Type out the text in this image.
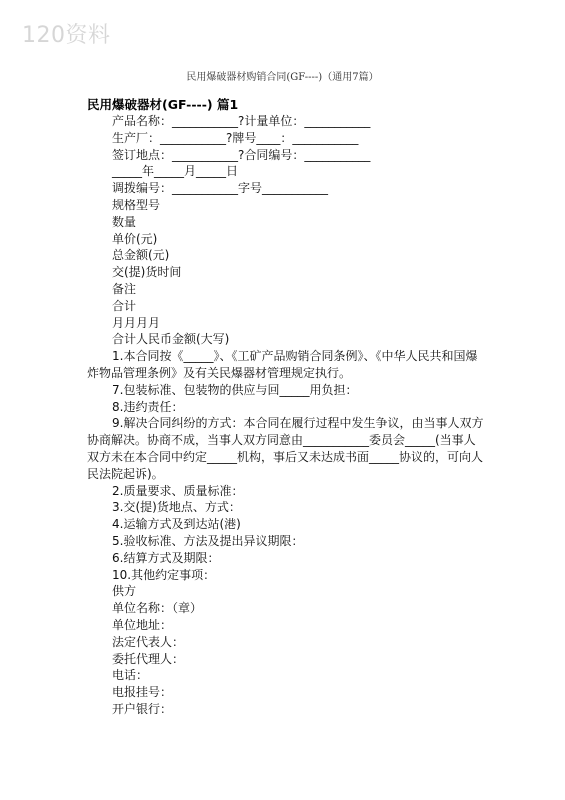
120资料
民用爆破器材购销合同(GF----)（通用7篇）
民用爆破器材(GF----) 篇1
产品名称：___________?计量单位：___________
生产厂：___________?牌号____：___________
签订地点：___________?合同编号：___________
_____年_____月_____日
调拨编号：___________字号___________
规格型号
数量
单价(元)
总金额(元)
交(提)货时间
备注
合计
月月月月
合计人民币金额(大写)
1.本合同按《_____》、《工矿产品购销合同条例》、《中华人民共和国爆炸物品管理条例》及有关民爆器材管理规定执行。
7.包装标准、包装物的供应与回_____用负担：
8.违约责任：
9.解决合同纠纷的方式：本合同在履行过程中发生争议，由当事人双方协商解决。协商不成，当事人双方同意由___________委员会_____(当事人双方未在本合同中约定_____机构，事后又未达成书面_____协议的，可向人民法院起诉)。
2.质量要求、质量标准：
3.交(提)货地点、方式：
4.运输方式及到达站(港)
5.验收标准、方法及提出异议期限：
6.结算方式及期限：
10.其他约定事项：
供方
单位名称：（章）
单位地址：
法定代表人：
委托代理人：
电话：
电报挂号：
开户银行：
